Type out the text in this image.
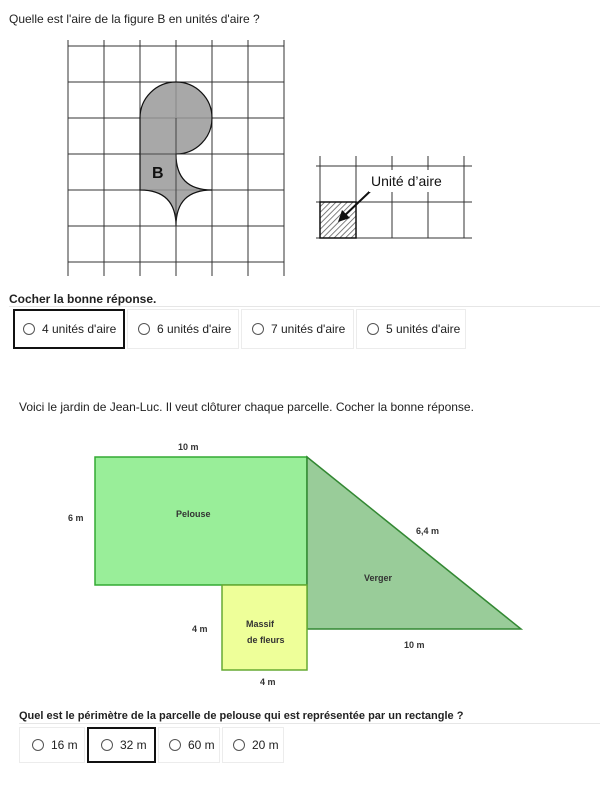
Quelle est l'aire de la figure B en unités d'aire ?
B	Unité d’aire
Cocher la bonne réponse.
4 unités d'aire	6 unités d'aire	7 unités d'aire	5 unités d'aire
Voici le jardin de Jean-Luc. Il veut clôturer chaque parcelle. Cocher la bonne réponse.
10 m
6 m	Pelouse
6,4 m
Verger
Massif
de fleurs
4 m
10 m
4 m
Quel est le périmètre de la parcelle de pelouse qui est représentée par un rectangle ?
16 m	32 m	60 m	20 m
